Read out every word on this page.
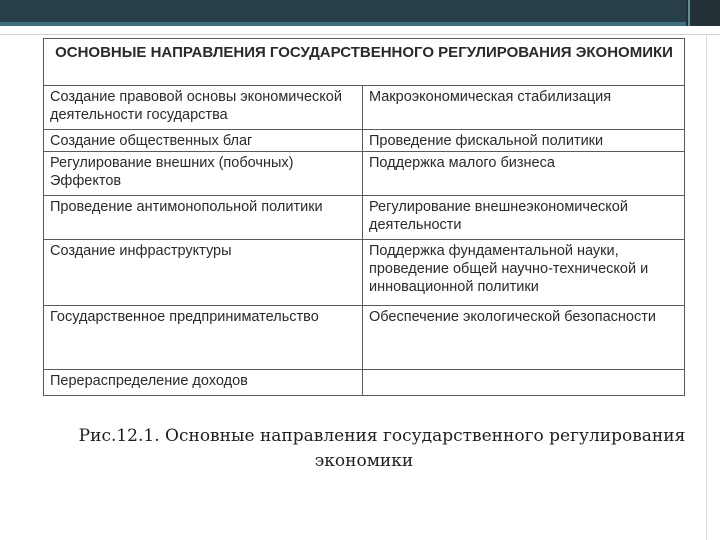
ОСНОВНЫЕ НАПРАВЛЕНИЯ ГОСУДАРСТВЕННОГО РЕГУЛИРОВАНИЯ ЭКОНОМИКИ	
Создание правовой основы экономической деятельности государства	Макроэкономическая стабилизация
Создание общественных благ	Проведение фискальной политики
Регулирование внешних (побочных) Эффектов	Поддержка малого бизнеса
Проведение антимонопольной политики	Регулирование внешнеэкономической деятельности
Создание инфраструктуры	Поддержка фундаментальной науки, проведение общей научно-технической и инновационной политики
Государственное предпринимательство	Обеспечение экологической безопасности
Перераспределение доходов	
Рис.12.1. Основные направления государственного регулирования
экономики
